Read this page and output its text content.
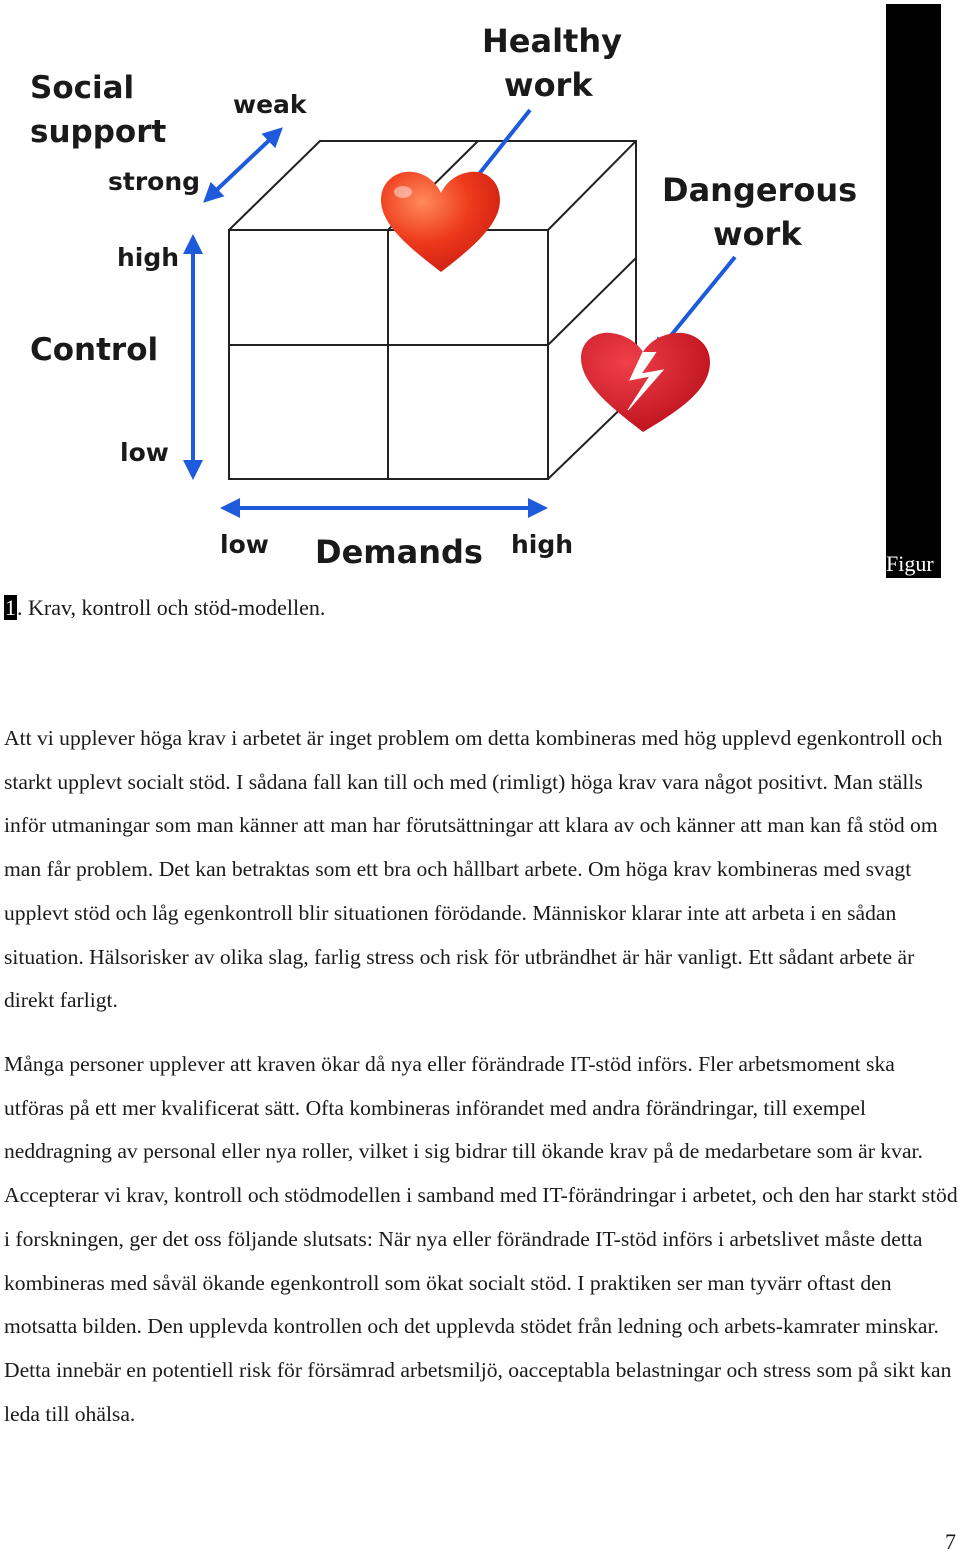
Social
support
weak
strong
Healthy
work
Dangerous
work
high
Control
low
low Demands high
Figur
1. Krav, kontroll och stöd-modellen.

Att vi upplever höga krav i arbetet är inget problem om detta kombineras med hög upplevd egenkontroll och starkt upplevt socialt stöd. I sådana fall kan till och med (rimligt) höga krav vara något positivt. Man ställs inför utmaningar som man känner att man har förutsättningar att klara av och känner att man kan få stöd om man får problem. Det kan betraktas som ett bra och hållbart arbete. Om höga krav kombineras med svagt upplevt stöd och låg egenkontroll blir situationen förödande. Människor klarar inte att arbeta i en sådan situation. Hälsorisker av olika slag, farlig stress och risk för utbrändhet är här vanligt. Ett sådant arbete är direkt farligt.

Många personer upplever att kraven ökar då nya eller förändrade IT-stöd införs. Fler arbetsmoment ska utföras på ett mer kvalificerat sätt. Ofta kombineras införandet med andra förändringar, till exempel neddragning av personal eller nya roller, vilket i sig bidrar till ökande krav på de medarbetare som är kvar. Accepterar vi krav, kontroll och stödmodellen i samband med IT-förändringar i arbetet, och den har starkt stöd i forskningen, ger det oss följande slutsats: När nya eller förändrade IT-stöd införs i arbetslivet måste detta kombineras med såväl ökande egenkontroll som ökat socialt stöd. I praktiken ser man tyvärr oftast den motsatta bilden. Den upplevda kontrollen och det upplevda stödet från ledning och arbets-kamrater minskar. Detta innebär en potentiell risk för försämrad arbetsmiljö, oacceptabla belastningar och stress som på sikt kan leda till ohälsa.

7
